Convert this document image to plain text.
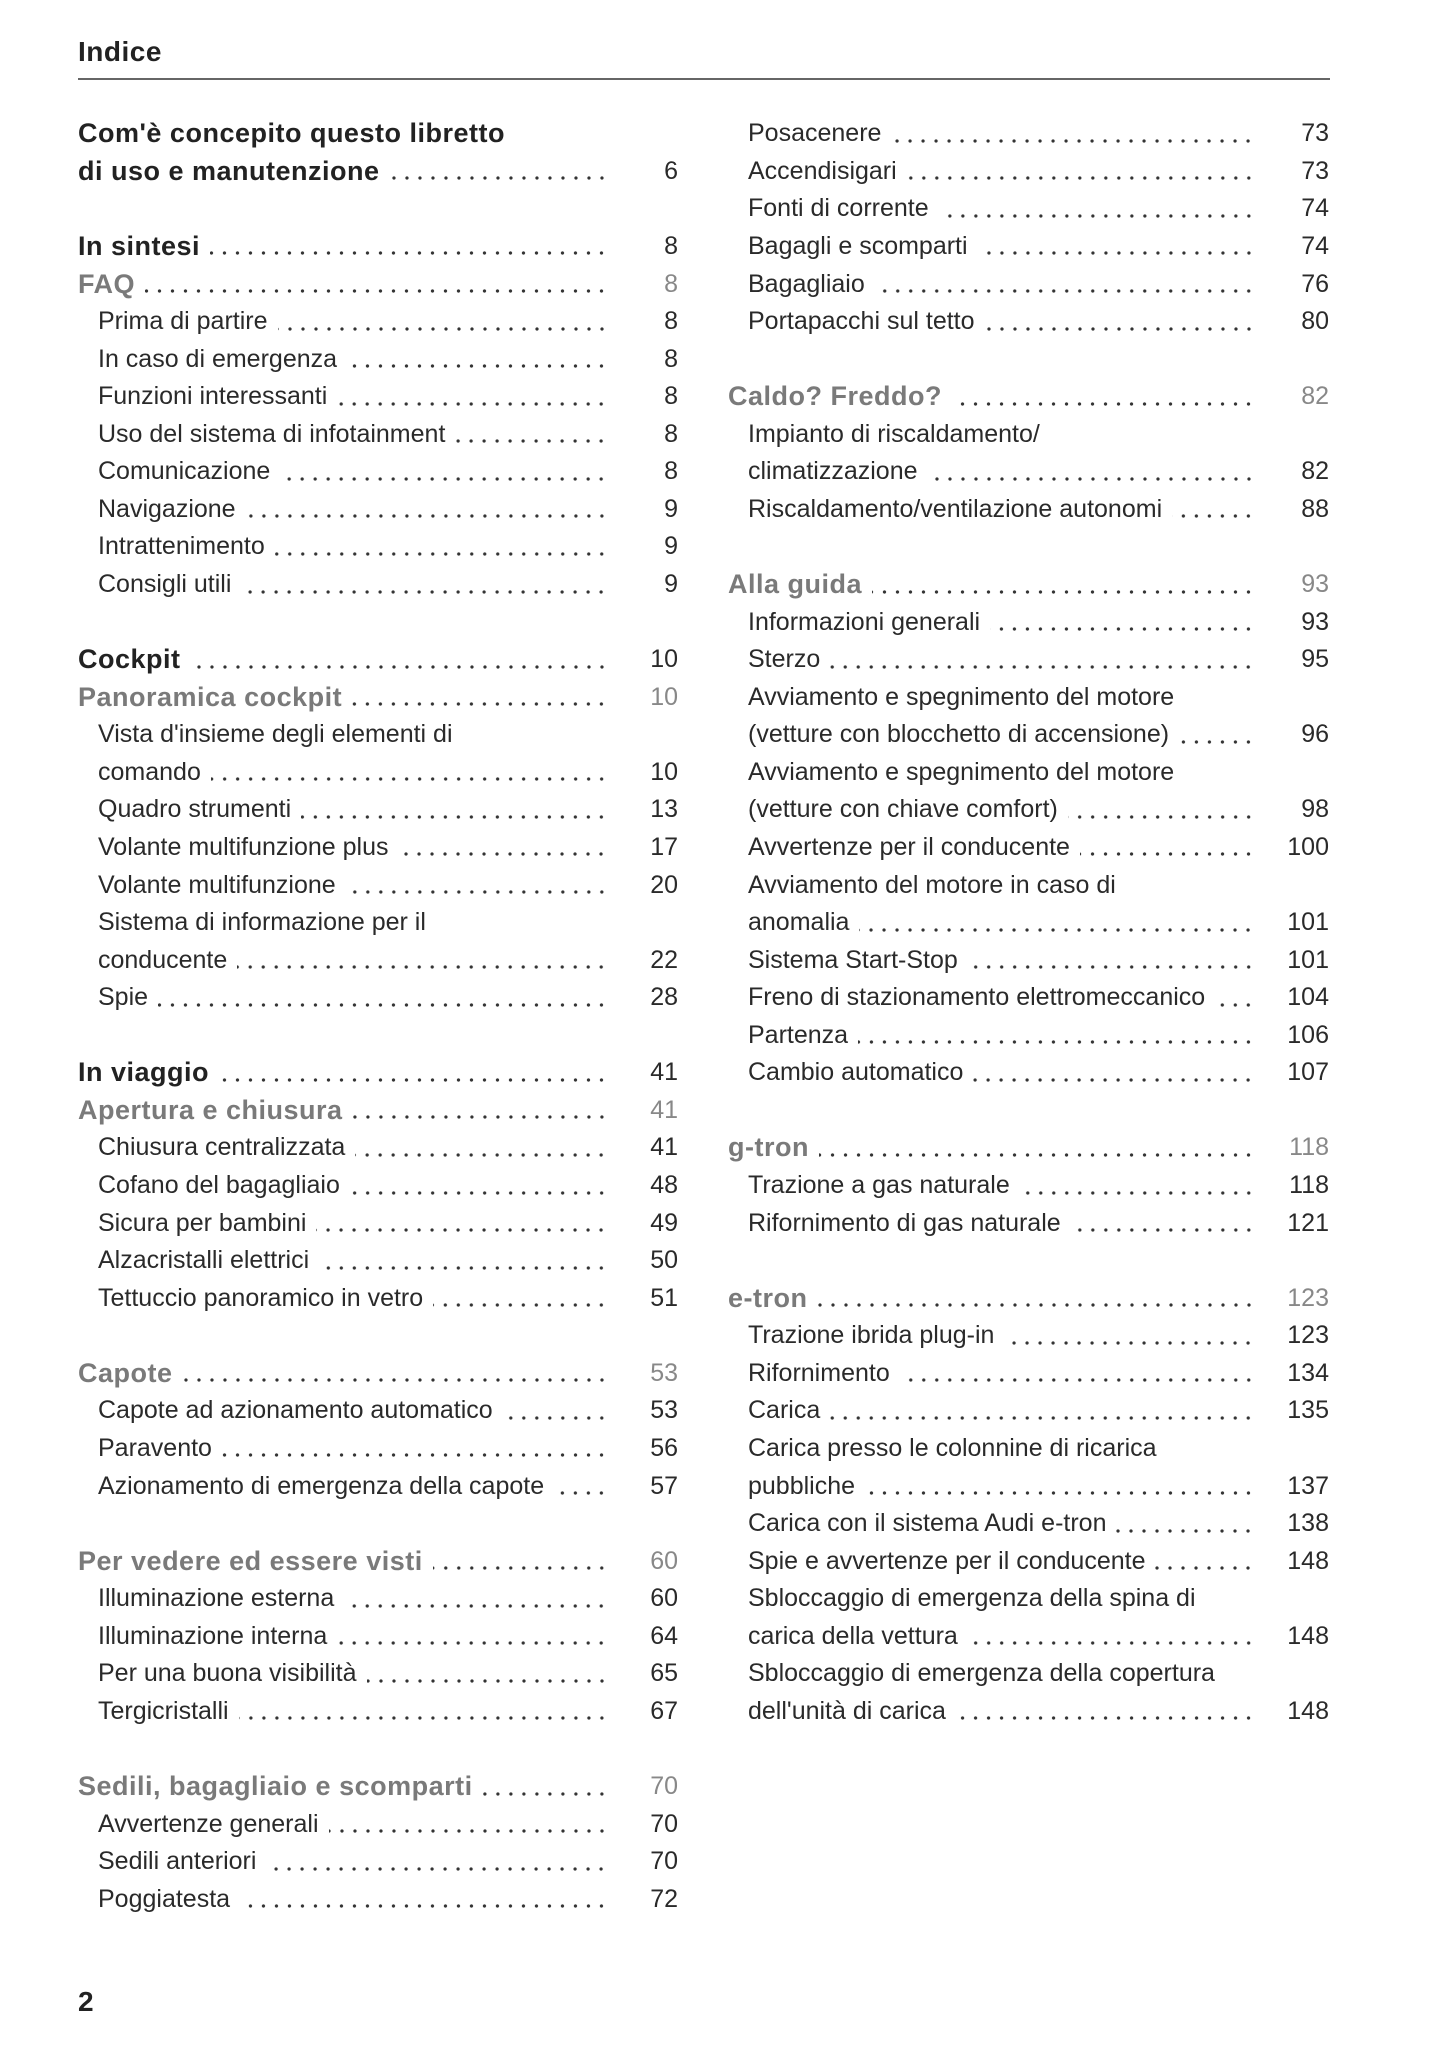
Indice
Com'è concepito questo libretto
di uso e manutenzione	6
In sintesi	8
FAQ	8
Prima di partire	8
In caso di emergenza	8
Funzioni interessanti	8
Uso del sistema di infotainment	8
Comunicazione	8
Navigazione	9
Intrattenimento	9
Consigli utili	9
Cockpit	10
Panoramica cockpit	10
Vista d'insieme degli elementi di
comando	10
Quadro strumenti	13
Volante multifunzione plus	17
Volante multifunzione	20
Sistema di informazione per il
conducente	22
Spie	28
In viaggio	41
Apertura e chiusura	41
Chiusura centralizzata	41
Cofano del bagagliaio	48
Sicura per bambini	49
Alzacristalli elettrici	50
Tettuccio panoramico in vetro	51
Capote	53
Capote ad azionamento automatico	53
Paravento	56
Azionamento di emergenza della capote	57
Per vedere ed essere visti	60
Illuminazione esterna	60
Illuminazione interna	64
Per una buona visibilità	65
Tergicristalli	67
Sedili, bagagliaio e scomparti	70
Avvertenze generali	70
Sedili anteriori	70
Poggiatesta	72
Posacenere	73
Accendisigari	73
Fonti di corrente	74
Bagagli e scomparti	74
Bagagliaio	76
Portapacchi sul tetto	80
Caldo? Freddo?	82
Impianto di riscaldamento/
climatizzazione	82
Riscaldamento/ventilazione autonomi	88
Alla guida	93
Informazioni generali	93
Sterzo	95
Avviamento e spegnimento del motore
(vetture con blocchetto di accensione)	96
Avviamento e spegnimento del motore
(vetture con chiave comfort)	98
Avvertenze per il conducente	100
Avviamento del motore in caso di
anomalia	101
Sistema Start-Stop	101
Freno di stazionamento elettromeccanico	104
Partenza	106
Cambio automatico	107
g-tron	118
Trazione a gas naturale	118
Rifornimento di gas naturale	121
e-tron	123
Trazione ibrida plug-in	123
Rifornimento	134
Carica	135
Carica presso le colonnine di ricarica
pubbliche	137
Carica con il sistema Audi e-tron	138
Spie e avvertenze per il conducente	148
Sbloccaggio di emergenza della spina di
carica della vettura	148
Sbloccaggio di emergenza della copertura
dell'unità di carica	148
2
